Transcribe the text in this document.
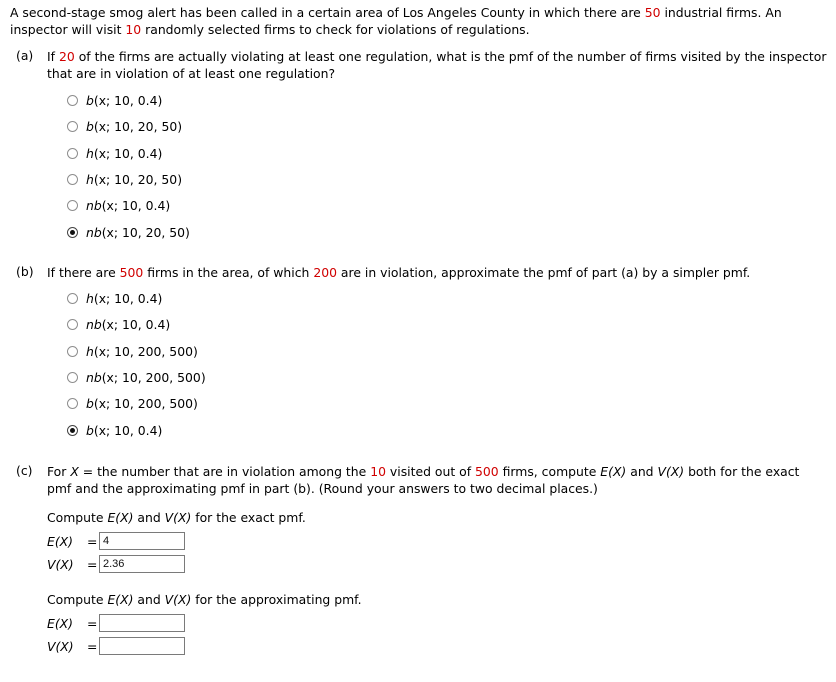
A second-stage smog alert has been called in a certain area of Los Angeles County in which there are 50 industrial firms. An inspector will visit 10 randomly selected firms to check for violations of regulations.
(a) If 20 of the firms are actually violating at least one regulation, what is the pmf of the number of firms visited by the inspector that are in violation of at least one regulation?
b(x; 10, 0.4)
b(x; 10, 20, 50)
h(x; 10, 0.4)
h(x; 10, 20, 50)
nb(x; 10, 0.4)
nb(x; 10, 20, 50)
(b) If there are 500 firms in the area, of which 200 are in violation, approximate the pmf of part (a) by a simpler pmf.
h(x; 10, 0.4)
nb(x; 10, 0.4)
h(x; 10, 200, 500)
nb(x; 10, 200, 500)
b(x; 10, 200, 500)
b(x; 10, 0.4)
(c) For X = the number that are in violation among the 10 visited out of 500 firms, compute E(X) and V(X) both for the exact pmf and the approximating pmf in part (b). (Round your answers to two decimal places.)
Compute E(X) and V(X) for the exact pmf.
E(X)	= 4
V(X)	= 2.36
Compute E(X) and V(X) for the approximating pmf.
E(X)	=
V(X)	=
